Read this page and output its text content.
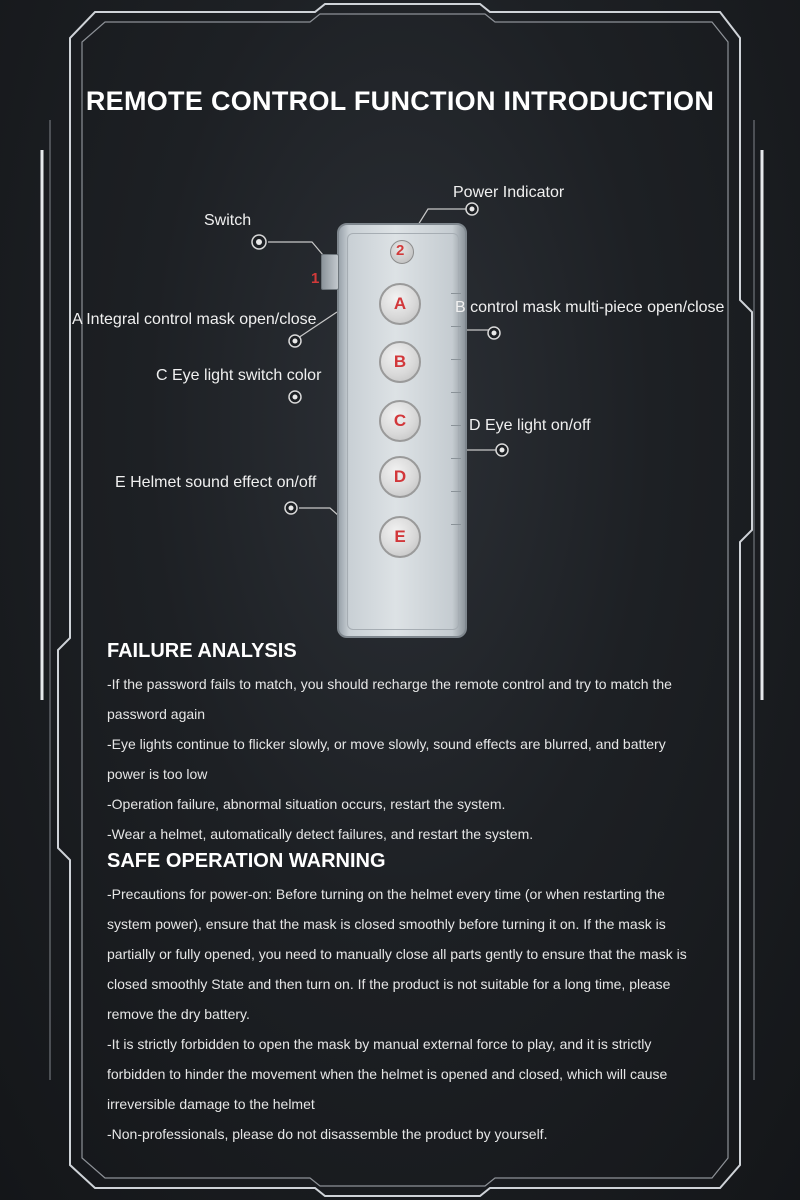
REMOTE CONTROL FUNCTION INTRODUCTION
1
2
A
B
C
D
E
Power Indicator
Switch
A Integral control mask open/close
B control mask multi-piece open/close
C Eye light switch color
D Eye light on/off
E Helmet sound effect on/off
FAILURE ANALYSIS

-If the password fails to match, you should recharge the remote control and try to match the password again

-Eye lights continue to flicker slowly, or move slowly, sound effects are blurred, and battery power is too low

-Operation failure, abnormal situation occurs, restart the system.

-Wear a helmet, automatically detect failures, and restart the system.

SAFE OPERATION WARNING

-Precautions for power-on: Before turning on the helmet every time (or when restarting the system power), ensure that the mask is closed smoothly before turning it on. If the mask is partially or fully opened, you need to manually close all parts gently to ensure that the mask is closed smoothly State and then turn on. If the product is not suitable for a long time, please remove the dry battery.

-It is strictly forbidden to open the mask by manual external force to play, and it is strictly forbidden to hinder the movement when the helmet is opened and closed, which will cause irreversible damage to the helmet

-Non-professionals, please do not disassemble the product by yourself.
